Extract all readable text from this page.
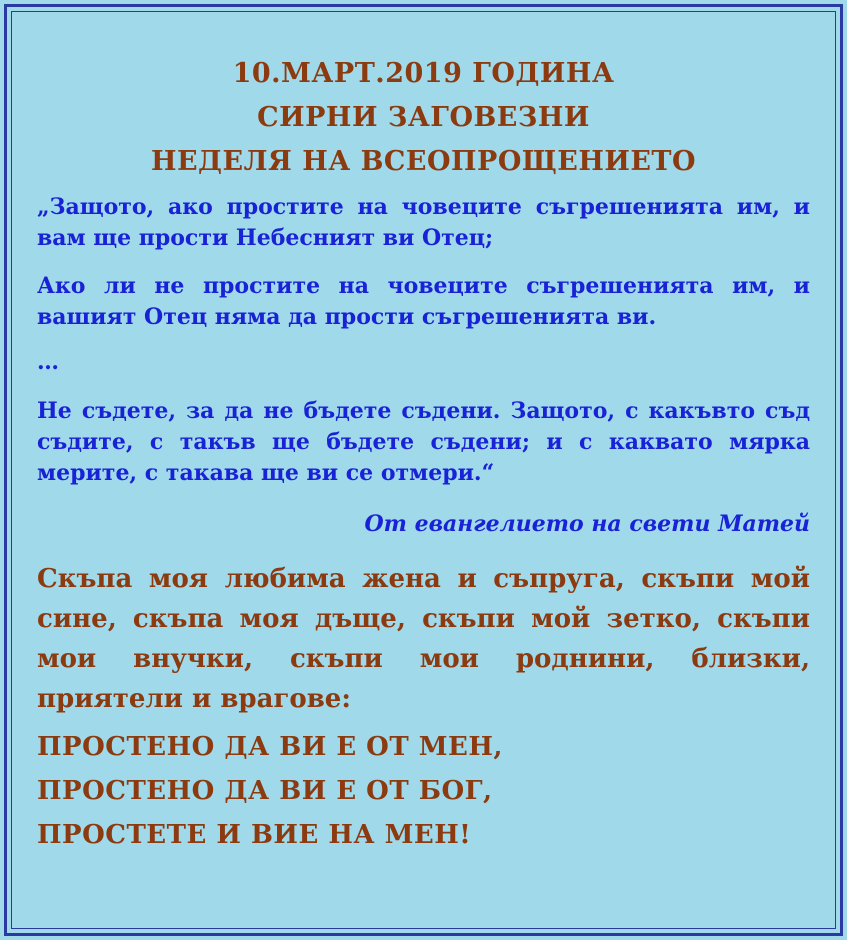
10.МАРТ.2019 ГОДИНА
СИРНИ ЗАГОВЕЗНИ
НЕДЕЛЯ НА ВСЕОПРОЩЕНИЕТО

„Защото, ако простите на човеците съгрешенията им, и вам ще прости Небесният ви Отец;

Ако ли не простите на човеците съгрешенията им, и вашият Отец няма да прости съгрешенията ви.

…

Не съдете, за да не бъдете съдени. Защото, с какъвто съд съдите, с такъв ще бъдете съдени; и с каквато мярка мерите, с такава ще ви се отмери.“

От евангелието на свети Матей

Скъпа моя любима жена и съпруга, скъпи мой сине, скъпа моя дъще, скъпи мой зетко, скъпи мои внучки, скъпи мои роднини, близки, приятели и врагове:

ПРОСТЕНО ДА ВИ Е ОТ МЕН,

ПРОСТЕНО ДА ВИ Е ОТ БОГ,

ПРОСТЕТЕ И ВИЕ НА МЕН!
